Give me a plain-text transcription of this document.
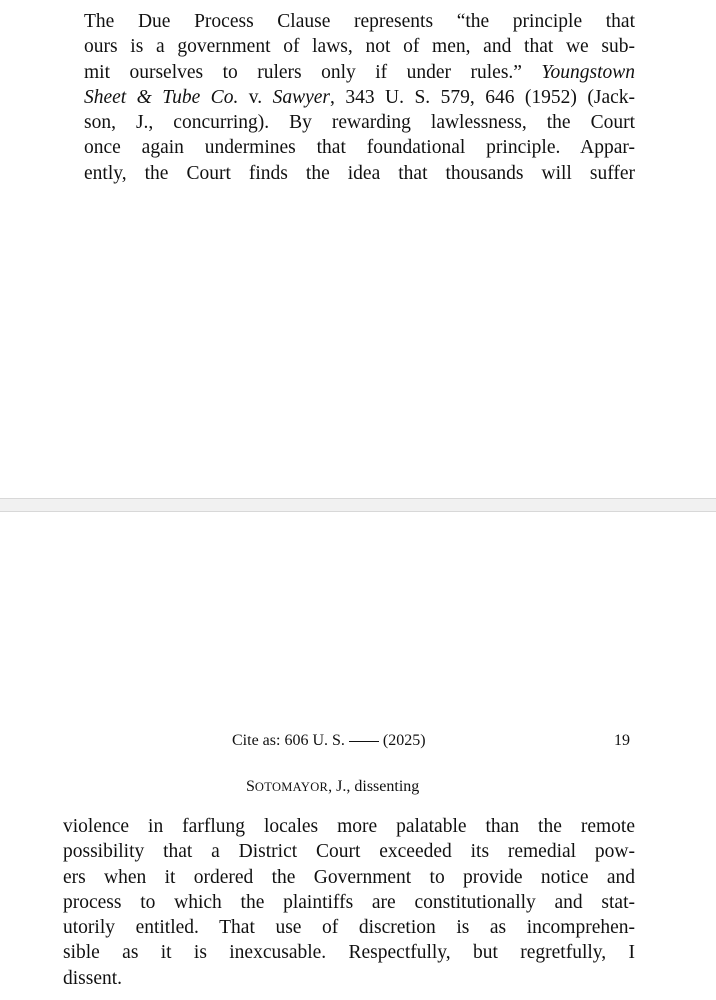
The Due Process Clause represents “the principle that
ours is a government of laws, not of men, and that we sub-
mit ourselves to rulers only if under rules.” Youngstown
Sheet & Tube Co. v. Sawyer, 343 U. S. 579, 646 (1952) (Jack-
son, J., concurring). By rewarding lawlessness, the Court
once again undermines that foundational principle. Appar-
ently, the Court finds the idea that thousands will suffer

Cite as: 606 U. S. (2025)	19
SOTOMAYOR, J., dissenting

violence in farflung locales more palatable than the remote
possibility that a District Court exceeded its remedial pow-
ers when it ordered the Government to provide notice and
process to which the plaintiffs are constitutionally and stat-
utorily entitled. That use of discretion is as incomprehen-
sible as it is inexcusable. Respectfully, but regretfully, I
dissent.
